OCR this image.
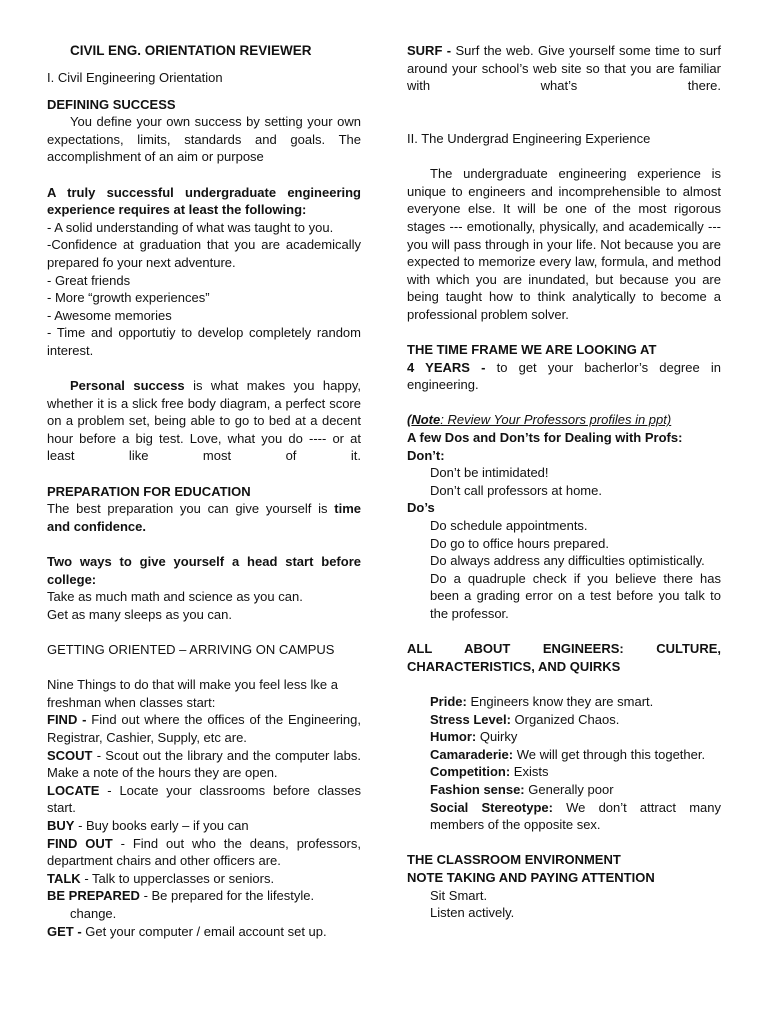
CIVIL ENG. ORIENTATION REVIEWER

I. Civil Engineering Orientation

DEFINING SUCCESS

You define your own success by setting your own expectations, limits, standards and goals. The accomplishment of an aim or purpose

A truly successful undergraduate engineering experience requires at least the following:

- A solid understanding of what was taught to you.

-Confidence at graduation that you are academically prepared fo your next adventure.

- Great friends

- More “growth experiences”

- Awesome memories

- Time and opportutiy to develop completely random interest.

Personal success is what makes you happy, whether it is a slick free body diagram, a perfect score on a problem set, being able to go to bed at a decent hour before a big test. Love, what you do ---- or at least like most of it.

PREPARATION FOR EDUCATION

The best preparation you can give yourself is time and confidence.

Two ways to give yourself a head start before college:

Take as much math and science as you can.

Get as many sleeps as you can.

GETTING ORIENTED – ARRIVING ON CAMPUS

Nine Things to do that will make you feel less lke a freshman when classes start:

FIND - Find out where the offices of the Engineering, Registrar, Cashier, Supply, etc are.

SCOUT - Scout out the library and the computer labs. Make a note of the hours they are open.

LOCATE - Locate your classrooms before classes start.

BUY - Buy books early – if you can

FIND OUT - Find out who the deans, professors, department chairs and other officers are.

TALK - Talk to upperclasses or seniors.

BE PREPARED - Be prepared for the lifestyle.

change.

GET - Get your computer / email account set up.

SURF - Surf the web. Give yourself some time to surf around your school’s web site so that you are familiar with what’s there.

II. The Undergrad Engineering Experience

The undergraduate engineering experience is unique to engineers and incomprehensible to almost everyone else. It will be one of the most rigorous stages --- emotionally, physically, and academically --- you will pass through in your life. Not because you are expected to memorize every law, formula, and method with which you are inundated, but because you are being taught how to think analytically to become a professional problem solver.

THE TIME FRAME WE ARE LOOKING AT

4 YEARS - to get your bacherlor’s degree in engineering.

(Note: Review Your Professors profiles in ppt)

A few Dos and Don’ts for Dealing with Profs:

Don’t:

Don’t be intimidated!

Don’t call professors at home.

Do’s

Do schedule appointments.

Do go to office hours prepared.

Do always address any difficulties optimistically.

Do a quadruple check if you believe there has been a grading error on a test before you talk to the professor.

ALL ABOUT ENGINEERS: CULTURE, CHARACTERISTICS, AND QUIRKS

Pride: Engineers know they are smart.

Stress Level: Organized Chaos.

Humor: Quirky

Camaraderie: We will get through this together.

Competition: Exists

Fashion sense: Generally poor

Social Stereotype: We don’t attract many members of the opposite sex.

THE CLASSROOM ENVIRONMENT

NOTE TAKING AND PAYING ATTENTION

Sit Smart.

Listen actively.
